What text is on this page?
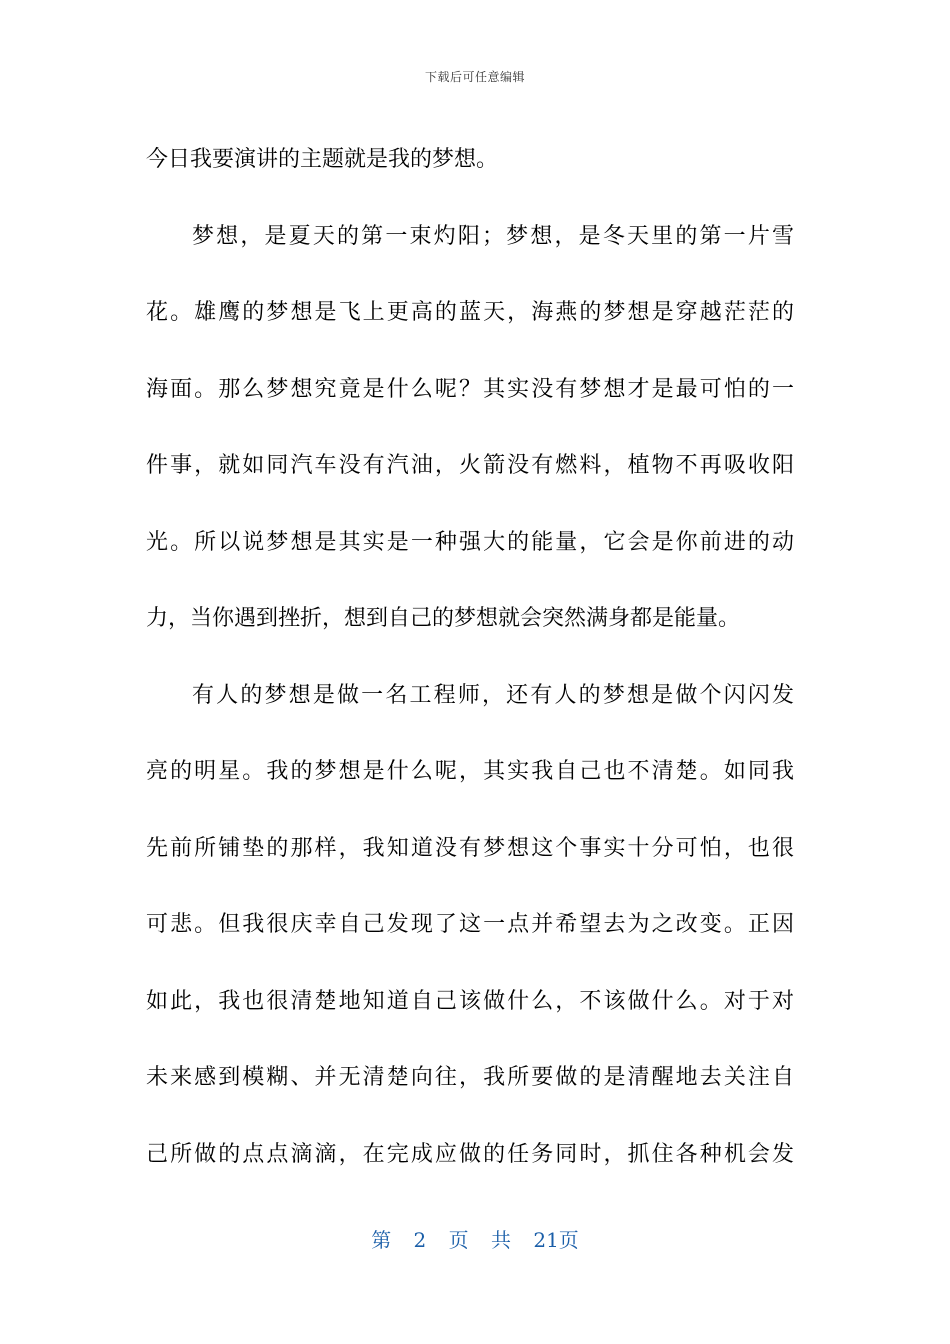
下载后可任意编辑
今日我要演讲的主题就是我的梦想。
梦想，是夏天的第一束灼阳；梦想，是冬天里的第一片雪
花。雄鹰的梦想是飞上更高的蓝天，海燕的梦想是穿越茫茫的
海面。那么梦想究竟是什么呢？其实没有梦想才是最可怕的一
件事，就如同汽车没有汽油，火箭没有燃料，植物不再吸收阳
光。所以说梦想是其实是一种强大的能量，它会是你前进的动
力，当你遇到挫折，想到自己的梦想就会突然满身都是能量。
有人的梦想是做一名工程师，还有人的梦想是做个闪闪发
亮的明星。我的梦想是什么呢，其实我自己也不清楚。如同我
先前所铺垫的那样，我知道没有梦想这个事实十分可怕，也很
可悲。但我很庆幸自己发现了这一点并希望去为之改变。正因
如此，我也很清楚地知道自己该做什么，不该做什么。对于对
未来感到模糊、并无清楚向往，我所要做的是清醒地去关注自
己所做的点点滴滴，在完成应做的任务同时，抓住各种机会发
第 2 页 共 21页
